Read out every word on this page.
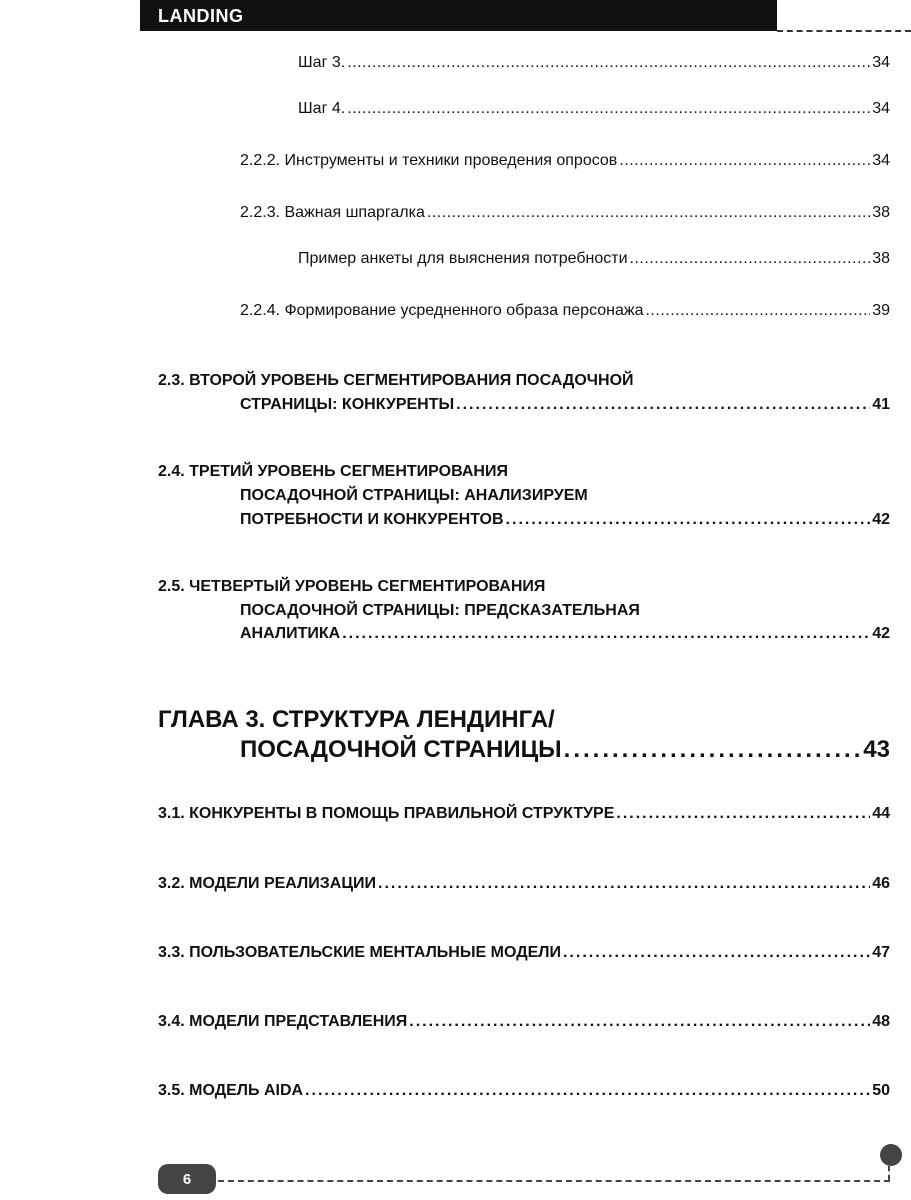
LANDING
Шаг 3. .....	34
Шаг 4. .....	34
2.2.2. Инструменты и техники проведения опросов .....	34
2.2.3. Важная шпаргалка .....	38
Пример анкеты для выяснения потребности .....	38
2.2.4. Формирование усредненного образа персонажа .....	39
2.3. ВТОРОЙ УРОВЕНЬ СЕГМЕНТИРОВАНИЯ ПОСАДОЧНОЙ
СТРАНИЦЫ: КОНКУРЕНТЫ .....	41
2.4. ТРЕТИЙ УРОВЕНЬ СЕГМЕНТИРОВАНИЯ
ПОСАДОЧНОЙ СТРАНИЦЫ: АНАЛИЗИРУЕМ
ПОТРЕБНОСТИ И КОНКУРЕНТОВ .....	42
2.5. ЧЕТВЕРТЫЙ УРОВЕНЬ СЕГМЕНТИРОВАНИЯ
ПОСАДОЧНОЙ СТРАНИЦЫ: ПРЕДСКАЗАТЕЛЬНАЯ
АНАЛИТИКА .....	42
ГЛАВА 3. СТРУКТУРА ЛЕНДИНГА/
ПОСАДОЧНОЙ СТРАНИЦЫ .....	43
3.1. КОНКУРЕНТЫ В ПОМОЩЬ ПРАВИЛЬНОЙ СТРУКТУРЕ .....	44
3.2. МОДЕЛИ РЕАЛИЗАЦИИ .....	46
3.3. ПОЛЬЗОВАТЕЛЬСКИЕ МЕНТАЛЬНЫЕ МОДЕЛИ .....	47
3.4. МОДЕЛИ ПРЕДСТАВЛЕНИЯ .....	48
3.5. МОДЕЛЬ AIDA .....	50
6
